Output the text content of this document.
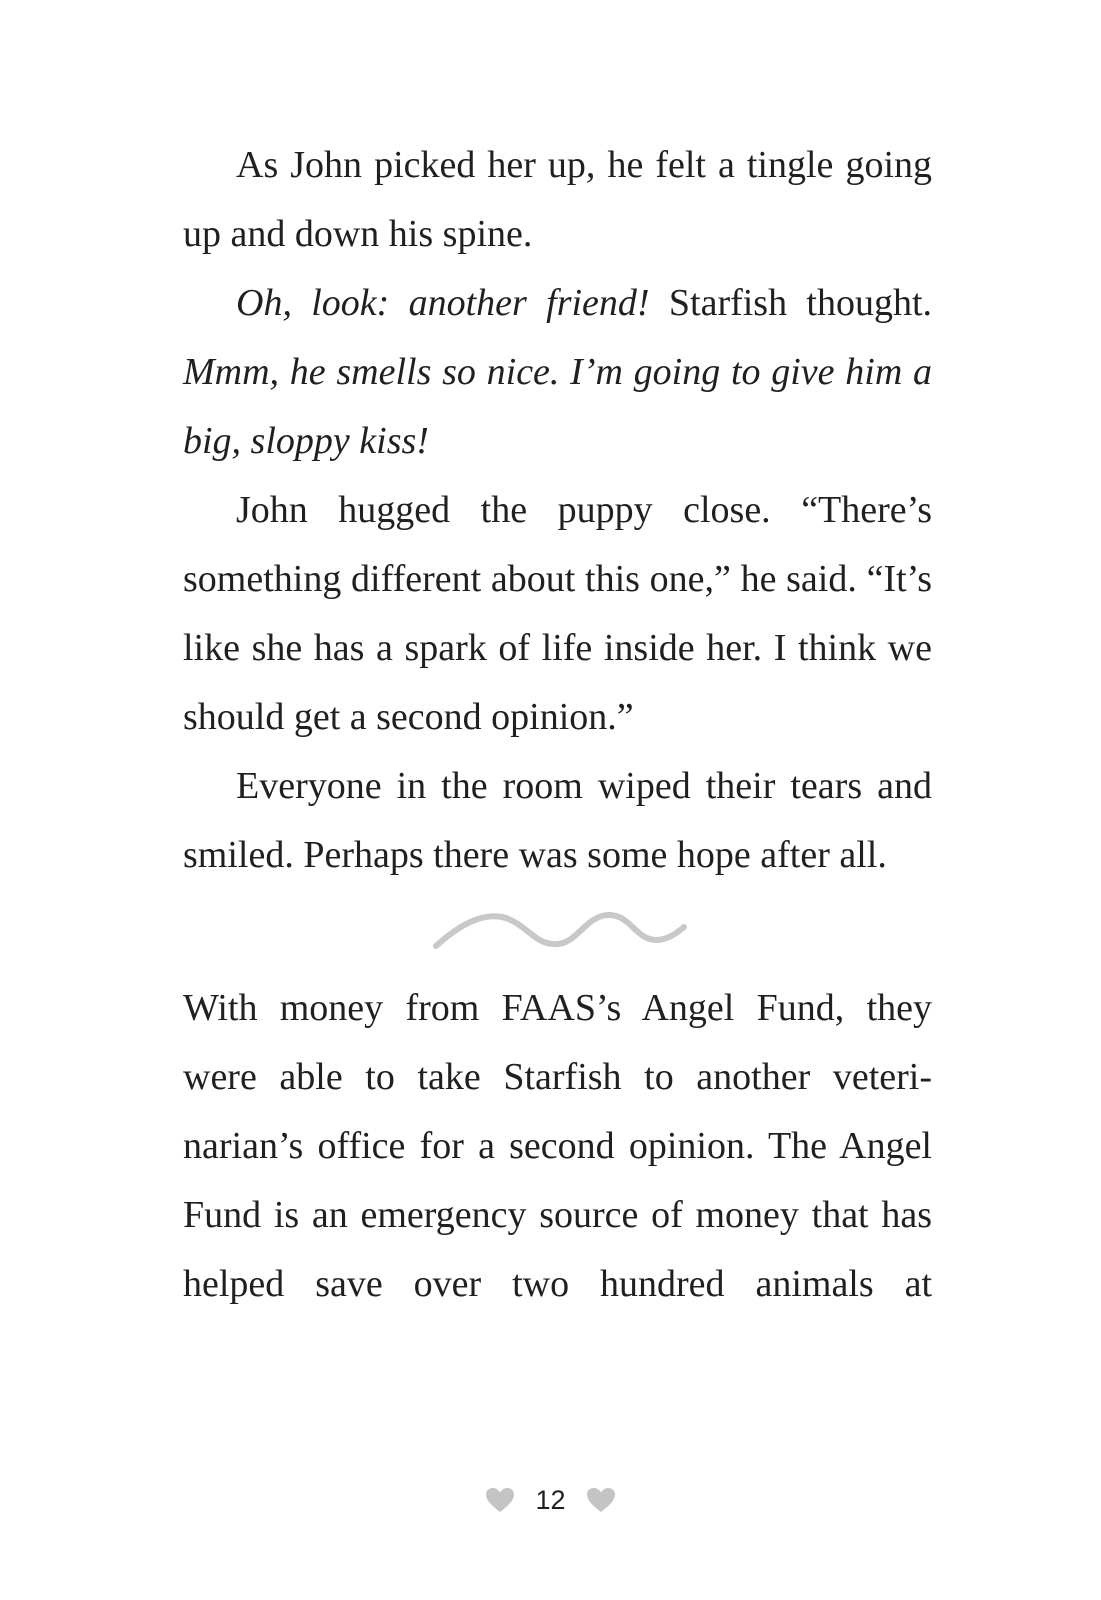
As John picked her up, he felt a tingle going up and down his spine.

Oh, look: another friend! Starfish thought. Mmm, he smells so nice. I’m going to give him a big, sloppy kiss!

John hugged the puppy close. “There’s something different about this one,” he said. “It’s like she has a spark of life inside her. I think we should get a second opinion.”

Everyone in the room wiped their tears and smiled. Perhaps there was some hope after all.

With money from FAAS’s Angel Fund, they were able to take Starfish to another veteri-narian’s office for a second opinion. The Angel Fund is an emergency source of money that has helped save over two hundred animals at

12
